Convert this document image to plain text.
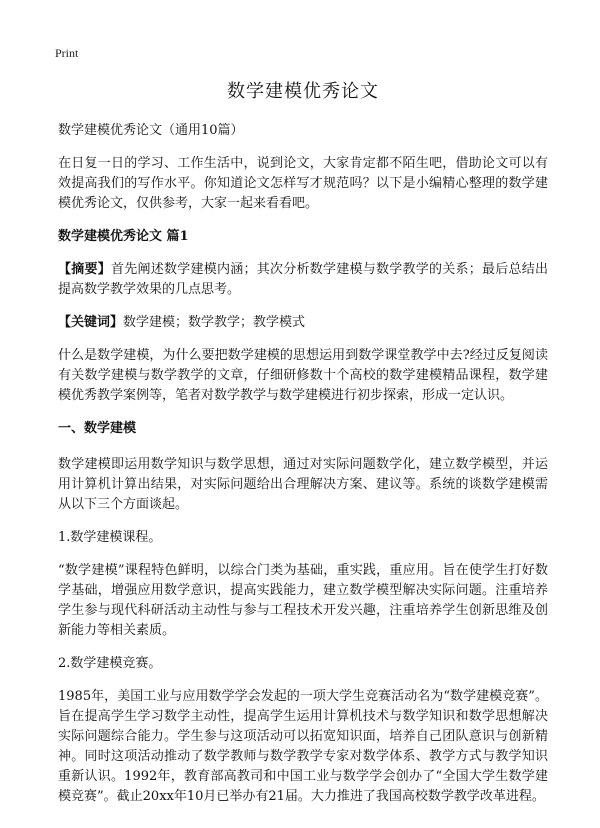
Print
数学建模优秀论文

数学建模优秀论文（通用10篇）

在日复一日的学习、工作生活中，说到论文，大家肯定都不陌生吧，借助论文可以有效提高我们的写作水平。你知道论文怎样写才规范吗？以下是小编精心整理的数学建模优秀论文，仅供参考，大家一起来看看吧。

数学建模优秀论文 篇1

【摘要】首先阐述数学建模内涵；其次分析数学建模与数学教学的关系；最后总结出提高数学教学效果的几点思考。

【关键词】数学建模；数学教学；教学模式

什么是数学建模，为什么要把数学建模的思想运用到数学课堂教学中去?经过反复阅读有关数学建模与数学教学的文章，仔细研修数十个高校的数学建模精品课程，数学建模优秀教学案例等，笔者对数学教学与数学建模进行初步探索，形成一定认识。

一、数学建模

数学建模即运用数学知识与数学思想，通过对实际问题数学化，建立数学模型，并运用计算机计算出结果，对实际问题给出合理解决方案、建议等。系统的谈数学建模需从以下三个方面谈起。

1.数学建模课程。

“数学建模”课程特色鲜明，以综合门类为基础，重实践，重应用。旨在使学生打好数学基础，增强应用数学意识，提高实践能力，建立数学模型解决实际问题。注重培养学生参与现代科研活动主动性与参与工程技术开发兴趣，注重培养学生创新思维及创新能力等相关素质。

2.数学建模竞赛。

1985年，美国工业与应用数学学会发起的一项大学生竞赛活动名为“数学建模竞赛”。旨在提高学生学习数学主动性，提高学生运用计算机技术与数学知识和数学思想解决实际问题综合能力。学生参与这项活动可以拓宽知识面，培养自己团队意识与创新精神。同时这项活动推动了数学教师与数学教学专家对数学体系、教学方式与教学知识重新认识。1992年，教育部高教司和中国工业与数学学会创办了“全国大学生数学建模竞赛”。截止20xx年10月已举办有21届。大力推进了我国高校数学教学改革进程。
